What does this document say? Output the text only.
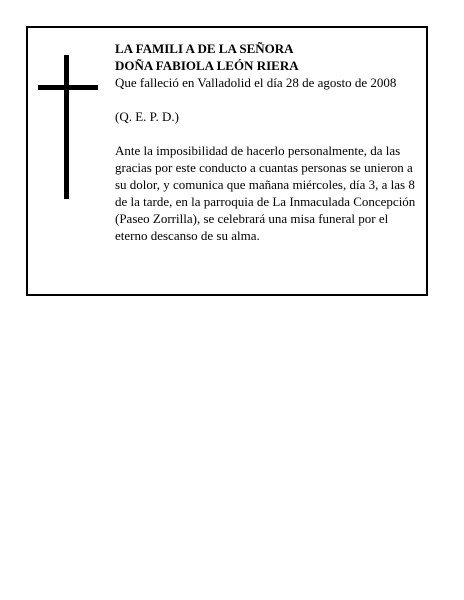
LA FAMILI A DE LA SEÑORA

DOÑA FABIOLA LEÓN RIERA

Que falleció en Valladolid el día 28 de agosto de 2008

(Q. E. P. D.)

Ante la imposibilidad de hacerlo personalmente, da las gracias por este conducto a cuantas personas se unieron a su dolor, y comunica que mañana miércoles, día 3, a las 8 de la tarde, en la parroquia de La Inmaculada Concepción (Paseo Zorrilla), se celebrará una misa funeral por el eterno descanso de su alma.
